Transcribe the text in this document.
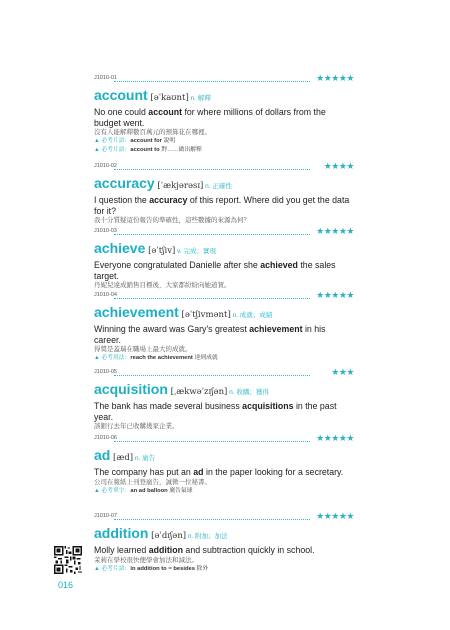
J1010-01	★★★★★
account [əˈkaʊnt] n. 解釋
No one could account for where millions of dollars from the budget went.
沒有人能解釋數百萬元的預算花在哪裡。
▲ 必考片語：account for 說明
▲ 必考片語：account to 對……做出解釋
J1010-02	★★★★
accuracy [ˈækjərəsɪ] n. 正確性
I question the accuracy of this report. Where did you get the data for it?
我十分質疑這份報告的準確性，這些數據的來源為何？
J1010-03	★★★★★
achieve [əˈtʃiv] v. 完成；實現
Everyone congratulated Danielle after she achieved the sales target.
丹妮兒達成銷售目標後，大家都紛紛向她道賀。
J1010-04	★★★★★
achievement [əˈtʃivmənt] n. 成就；成績
Winning the award was Gary's greatest achievement in his career.
得獎是蓋瑞在職場上最大的成就。
▲ 必考用法：reach the achievement 達到成就
J1010-05	★★★
acquisition [ˌækwəˈzɪʃən] n. 收購；獲得
The bank has made several business acquisitions in the past year.
該銀行去年已收購幾家企業。
J1010-06	★★★★★
ad [æd] n. 廣告
The company has put an ad in the paper looking for a secretary.
公司在報紙上刊登廣告，誠徵一位秘書。
▲ 必考單字：an ad balloon 廣告氣球
J1010-07	★★★★★
addition [əˈdɪʃən] n. 附加；加法
Molly learned addition and subtraction quickly in school.
茉莉在學校很快便學會加法和減法。
▲ 必考片語：in addition to = besides 除外
016
